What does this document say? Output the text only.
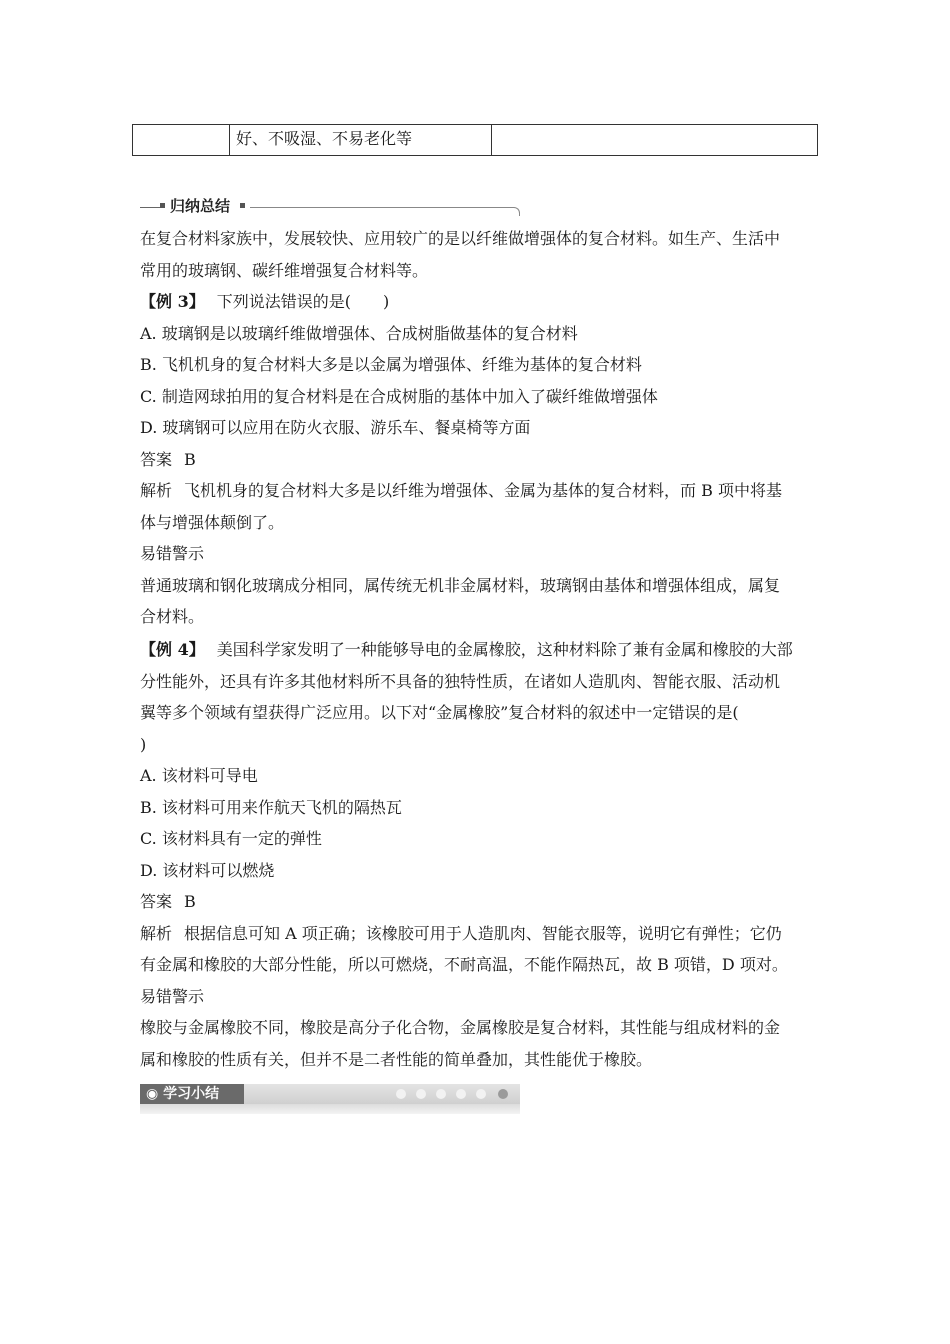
好、不吸湿、不易老化等
归纳总结

在复合材料家族中，发展较快、应用较广的是以纤维做增强体的复合材料。如生产、生活中

常用的玻璃钢、碳纤维增强复合材料等。

【例 3】 下列说法错误的是(　　)

A. 玻璃钢是以玻璃纤维做增强体、合成树脂做基体的复合材料

B. 飞机机身的复合材料大多是以金属为增强体、纤维为基体的复合材料

C. 制造网球拍用的复合材料是在合成树脂的基体中加入了碳纤维做增强体

D. 玻璃钢可以应用在防火衣服、游乐车、餐桌椅等方面

答案 B

解析 飞机机身的复合材料大多是以纤维为增强体、金属为基体的复合材料，而 B 项中将基

体与增强体颠倒了。

易错警示

普通玻璃和钢化玻璃成分相同，属传统无机非金属材料，玻璃钢由基体和增强体组成，属复

合材料。

【例 4】 美国科学家发明了一种能够导电的金属橡胶，这种材料除了兼有金属和橡胶的大部

分性能外，还具有许多其他材料所不具备的独特性质，在诸如人造肌肉、智能衣服、活动机

翼等多个领域有望获得广泛应用。以下对“金属橡胶”复合材料的叙述中一定错误的是(

)

A. 该材料可导电

B. 该材料可用来作航天飞机的隔热瓦

C. 该材料具有一定的弹性

D. 该材料可以燃烧

答案 B

解析 根据信息可知 A 项正确；该橡胶可用于人造肌肉、智能衣服等，说明它有弹性；它仍

有金属和橡胶的大部分性能，所以可燃烧，不耐高温，不能作隔热瓦，故 B 项错，D 项对。

易错警示

橡胶与金属橡胶不同，橡胶是高分子化合物，金属橡胶是复合材料，其性能与组成材料的金

属和橡胶的性质有关，但并不是二者性能的简单叠加，其性能优于橡胶。

◉ 学习小结
